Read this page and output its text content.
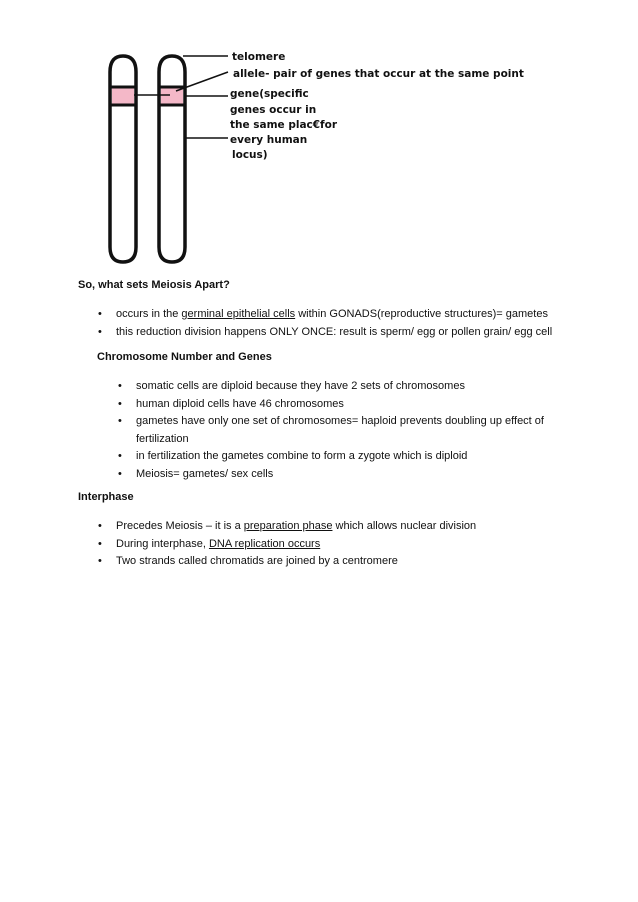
telomere
allele- pair of genes that occur at the same point
gene(specific
genes occur in
the same plac€for
every human
locus)

So, what sets Meiosis Apart?

• occurs in the germinal epithelial cells within GONADS(reproductive structures)= gametes
• this reduction division happens ONLY ONCE: result is sperm/ egg or pollen grain/ egg cell

Chromosome Number and Genes

• somatic cells are diploid because they have 2 sets of chromosomes
• human diploid cells have 46 chromosomes
• gametes have only one set of chromosomes= haploid prevents doubling up effect of fertilization
• in fertilization the gametes combine to form a zygote which is diploid
• Meiosis= gametes/ sex cells

Interphase

• Precedes Meiosis – it is a preparation phase which allows nuclear division
• During interphase, DNA replication occurs
• Two strands called chromatids are joined by a centromere
